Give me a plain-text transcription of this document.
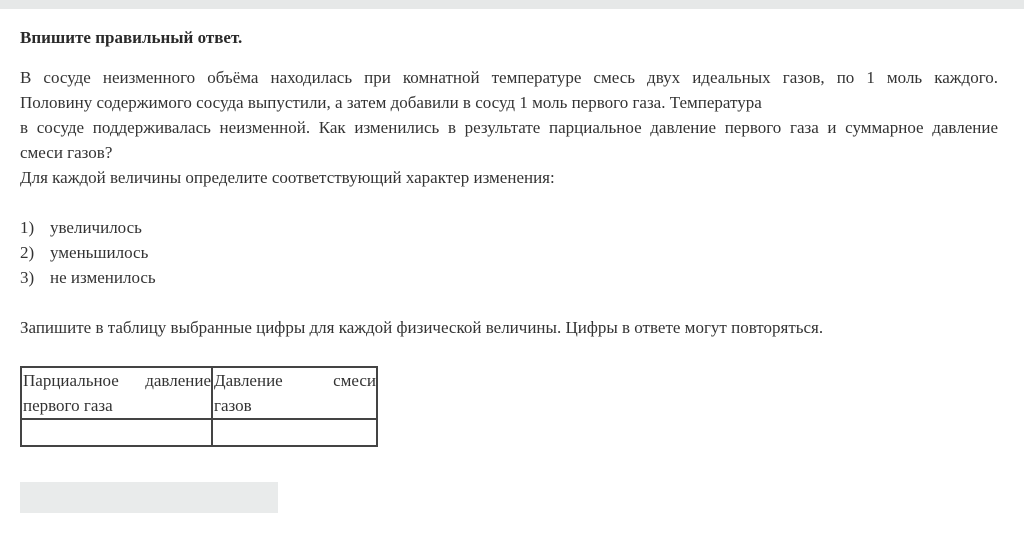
Впишите правильный ответ.
В сосуде неизменного объёма находилась при комнатной температуре смесь двух идеальных газов, по 1 моль каждого.
Половину содержимого сосуда выпустили, а затем добавили в сосуд 1 моль первого газа. Температура
в сосуде поддерживалась неизменной. Как изменились в результате парциальное давление первого газа и суммарное давление
смеси газов?
Для каждой величины определите соответствующий характер изменения:
1) увеличилось
2) уменьшилось
3) не изменилось
Запишите в таблицу выбранные цифры для каждой физической величины. Цифры в ответе могут повторяться.
Парциальное давление
первого газа	Давление смеси
газов
